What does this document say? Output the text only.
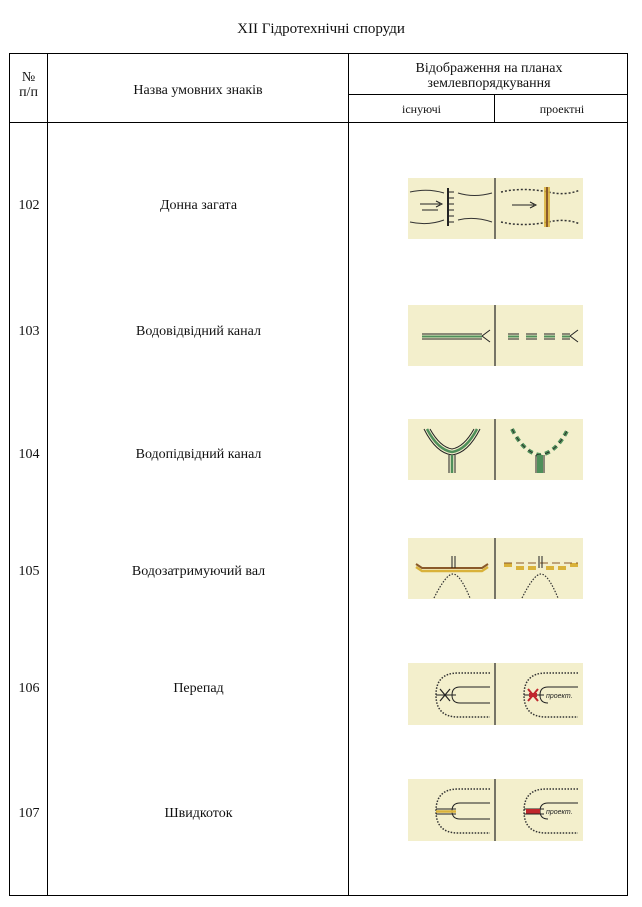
XII Гідротехнічні споруди
№
п/п	Назва умовних знаків
Відображення на планах
землевпорядкування
існуючі	проектні
102	Донна загата
103	Водовідвідний канал
104	Водопідвідний канал
105	Водозатримуючий вал
106	Перепад
проект.
107	Швидкоток	проект.
